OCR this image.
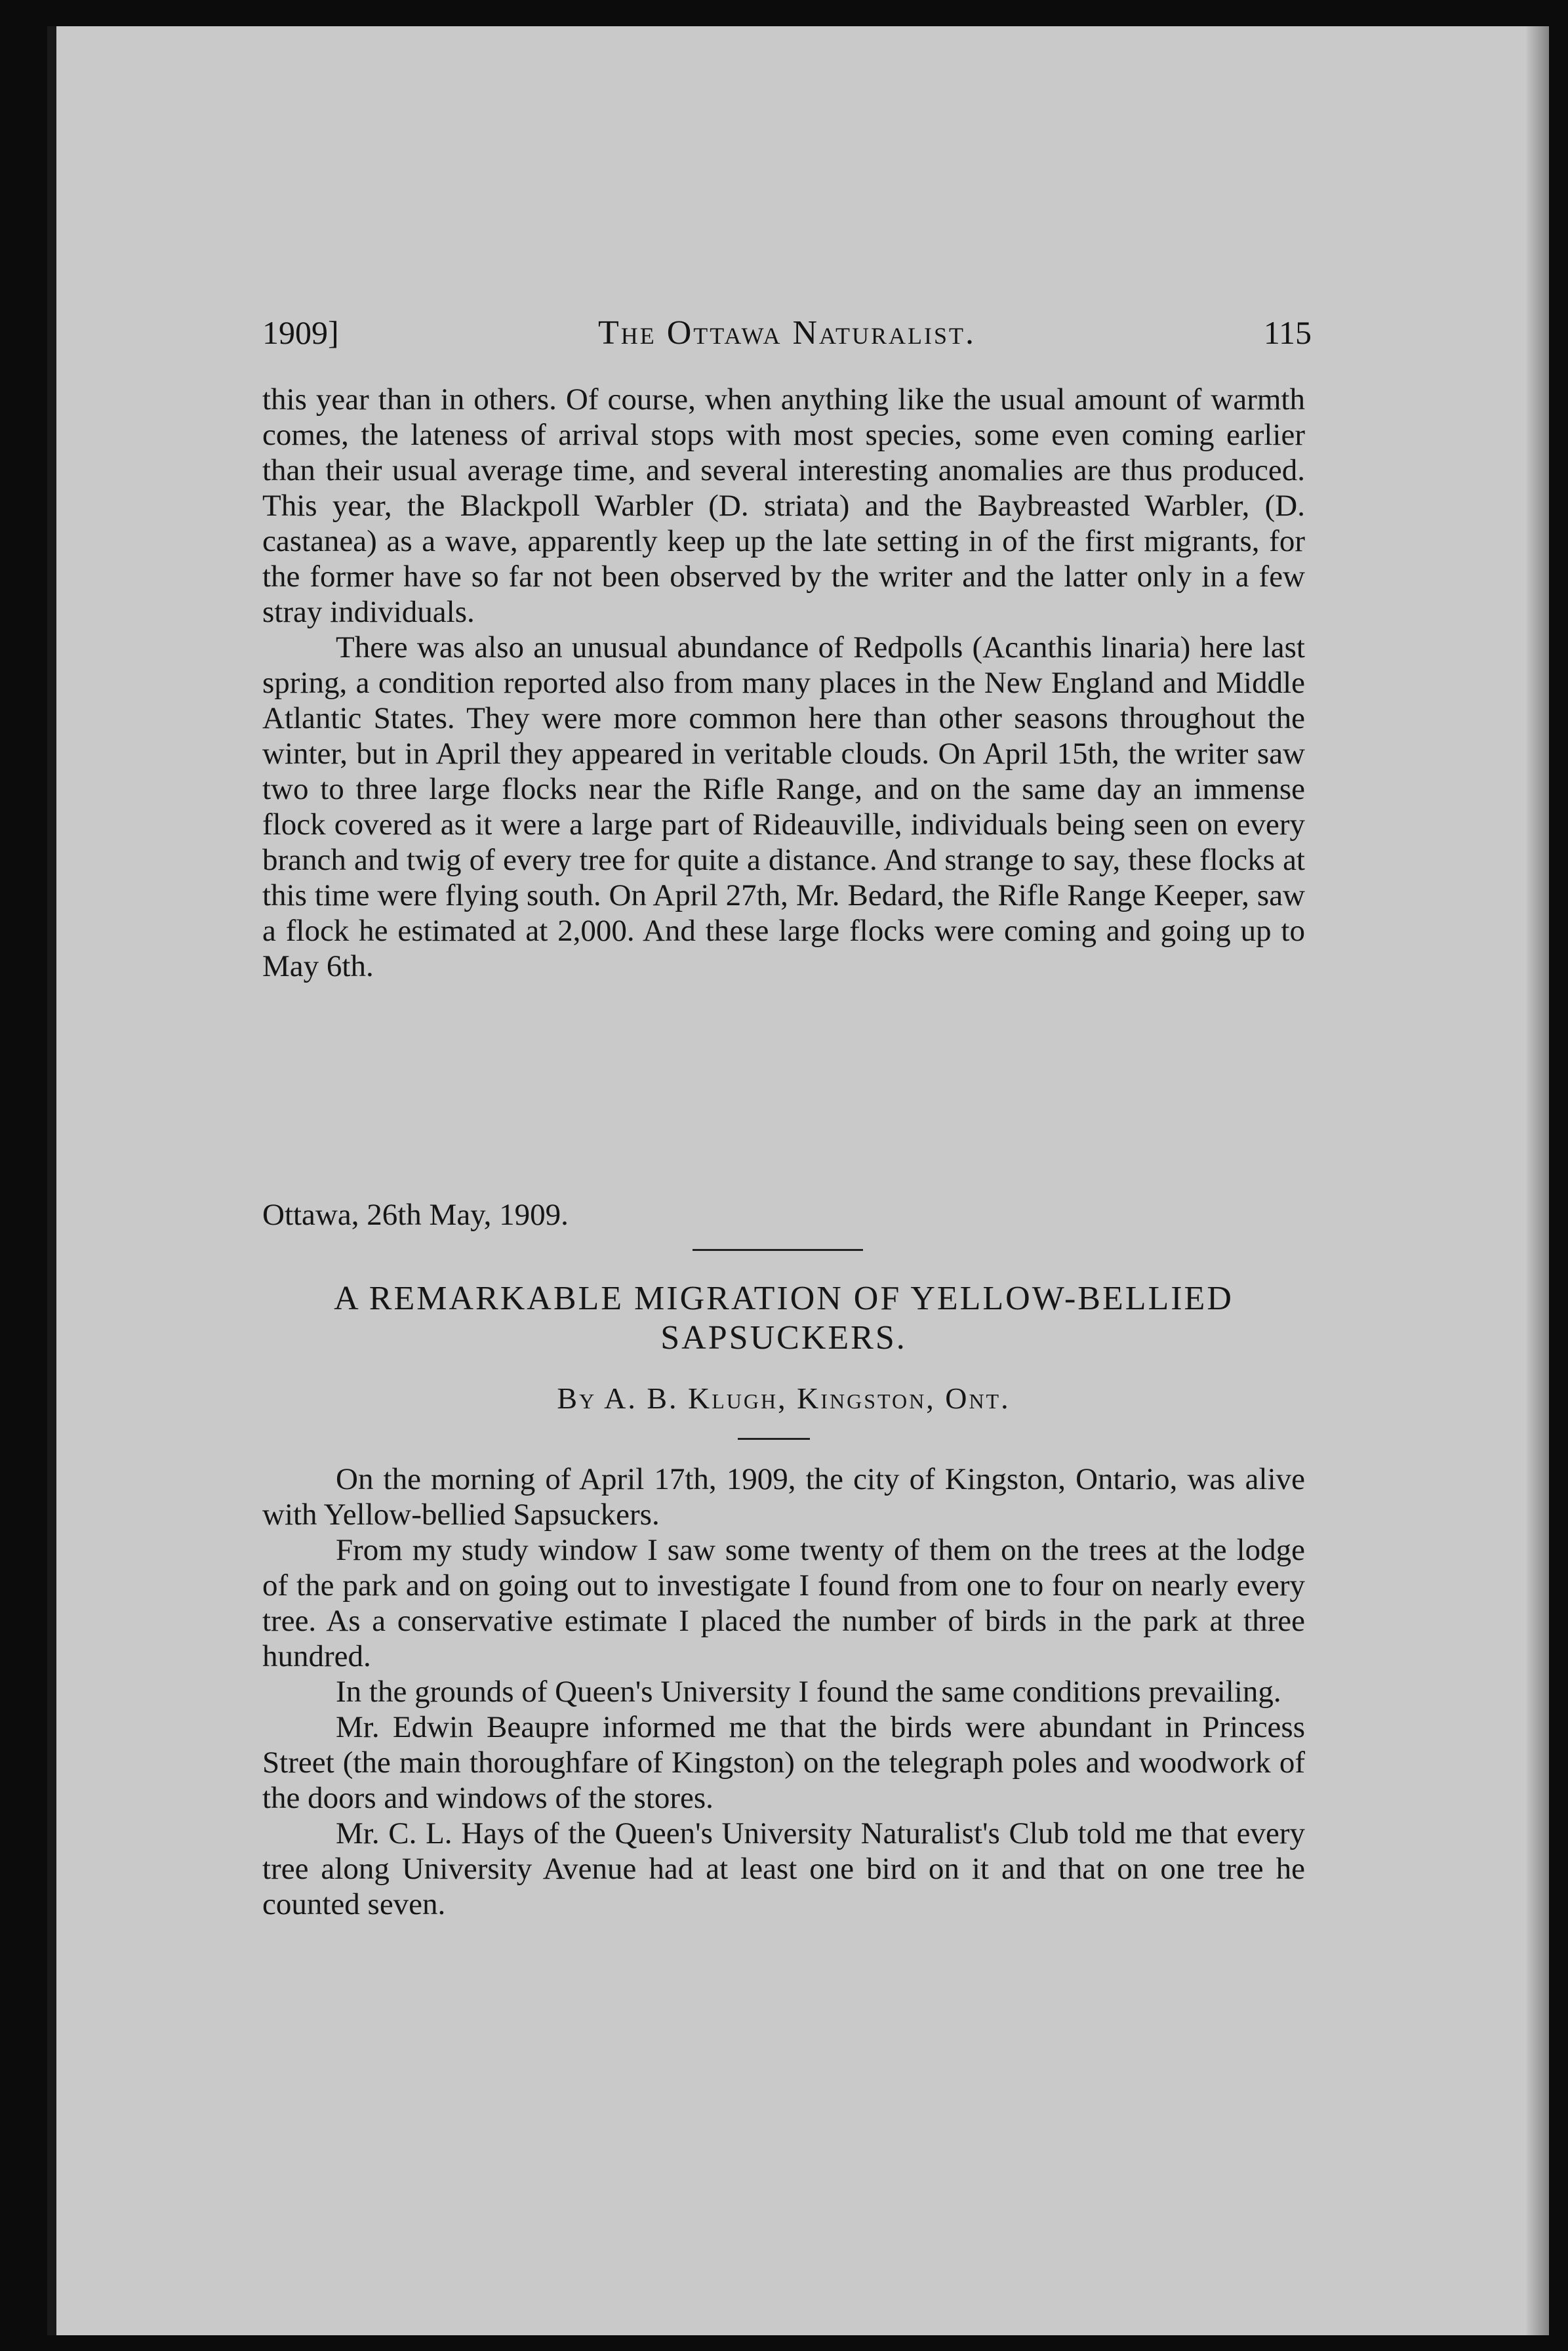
1909]	The Ottawa Naturalist.	115

this year than in others. Of course, when anything like the usual amount of warmth comes, the lateness of arrival stops with most species, some even coming earlier than their usual average time, and several interesting anomalies are thus produced. This year, the Blackpoll Warbler (D. striata) and the Baybreasted Warbler, (D. castanea) as a wave, apparently keep up the late setting in of the first migrants, for the former have so far not been observed by the writer and the latter only in a few stray individuals.

There was also an unusual abundance of Redpolls (Acanthis linaria) here last spring, a condition reported also from many places in the New England and Middle Atlantic States. They were more common here than other seasons throughout the winter, but in April they appeared in veritable clouds. On April 15th, the writer saw two to three large flocks near the Rifle Range, and on the same day an immense flock covered as it were a large part of Rideauville, individuals being seen on every branch and twig of every tree for quite a distance. And strange to say, these flocks at this time were flying south. On April 27th, Mr. Bedard, the Rifle Range Keeper, saw a flock he estimated at 2,000. And these large flocks were coming and going up to May 6th.

Ottawa, 26th May, 1909.
A REMARKABLE MIGRATION OF YELLOW-BELLIED SAPSUCKERS.
By A. B. Klugh, Kingston, Ont.

On the morning of April 17th, 1909, the city of Kingston, Ontario, was alive with Yellow-bellied Sapsuckers.

From my study window I saw some twenty of them on the trees at the lodge of the park and on going out to investigate I found from one to four on nearly every tree. As a conservative estimate I placed the number of birds in the park at three hundred.

In the grounds of Queen's University I found the same conditions prevailing.

Mr. Edwin Beaupre informed me that the birds were abundant in Princess Street (the main thoroughfare of Kingston) on the telegraph poles and woodwork of the doors and windows of the stores.

Mr. C. L. Hays of the Queen's University Naturalist's Club told me that every tree along University Avenue had at least one bird on it and that on one tree he counted seven.
